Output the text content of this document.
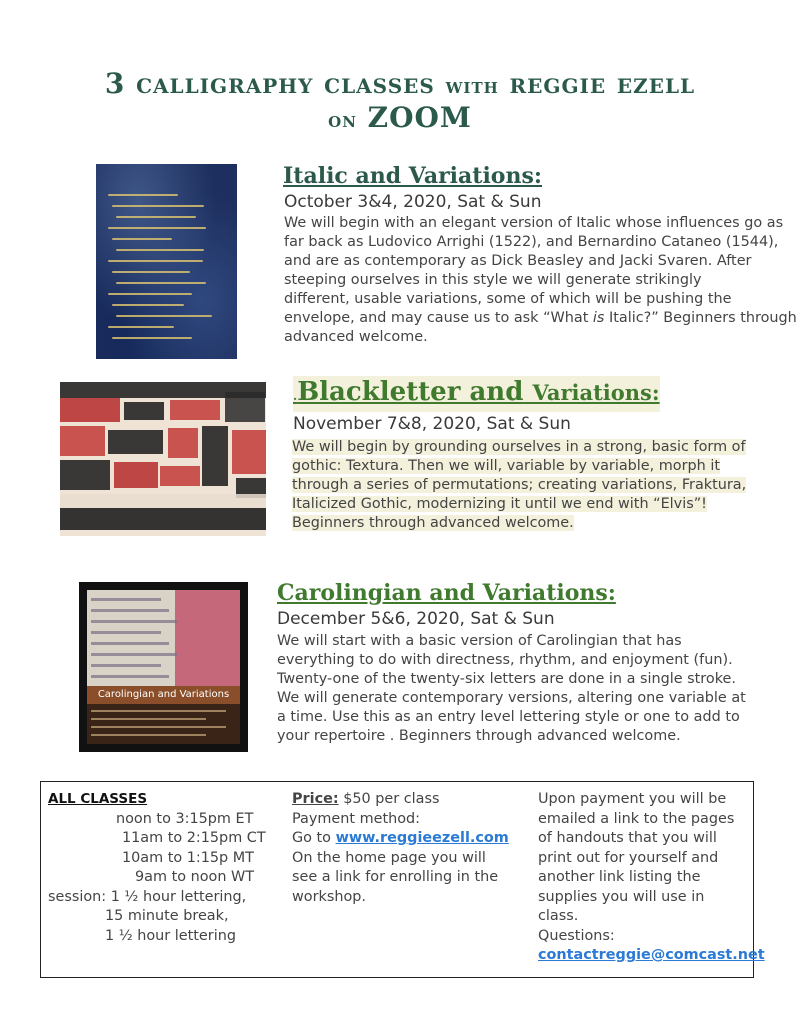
3 calligraphy classes with reggie ezell
on ZOOM
Italic and Variations:
October 3&4, 2020, Sat & Sun
We will begin with an elegant version of Italic whose influences go as
far back as Ludovico Arrighi (1522), and Bernardino Cataneo (1544),
and are as contemporary as Dick Beasley and Jacki Svaren. After
steeping ourselves in this style we will generate strikingly
different, usable variations, some of which will be pushing the
envelope, and may cause us to ask “What is Italic?” Beginners through
advanced welcome.
.Blackletter and Variations:
November 7&8, 2020, Sat & Sun
We will begin by grounding ourselves in a strong, basic form of
gothic: Textura. Then we will, variable by variable, morph it
through a series of permutations; creating variations, Fraktura,
Italicized Gothic, modernizing it until we end with “Elvis”!
Beginners through advanced welcome.
Carolingian and Variations
Carolingian and Variations:
December 5&6, 2020, Sat & Sun
We will start with a basic version of Carolingian that has
everything to do with directness, rhythm, and enjoyment (fun).
Twenty-one of the twenty-six letters are done in a single stroke.
We will generate contemporary versions, altering one variable at
a time. Use this as an entry level lettering style or one to add to
your repertoire . Beginners through advanced welcome.
ALL CLASSES
noon to 3:15pm ET
11am to 2:15pm CT
10am to 1:15p MT
9am to noon WT
session: 1 ½ hour lettering,
15 minute break,
1 ½ hour lettering
Price: $50 per class
Payment method:
Go to www.reggieezell.com
On the home page you will
see a link for enrolling in the
workshop.
Upon payment you will be
emailed a link to the pages
of handouts that you will
print out for yourself and
another link listing the
supplies you will use in
class.
Questions:
contactreggie@comcast.net
